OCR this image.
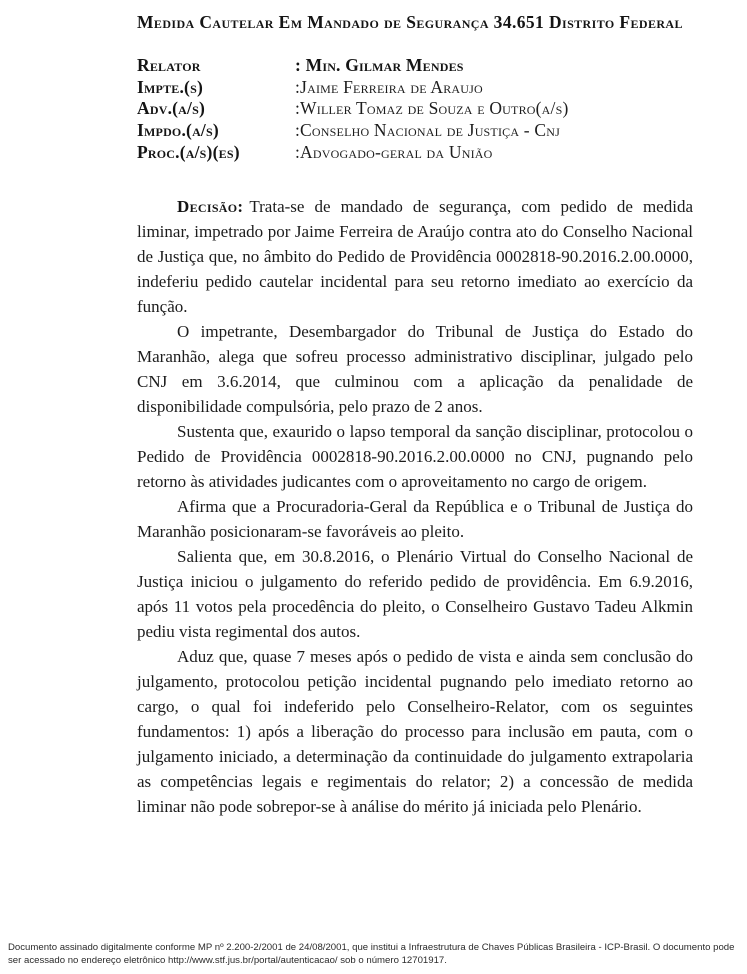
Medida Cautelar Em Mandado de Segurança 34.651 Distrito Federal
Relator	: Min. Gilmar Mendes
Impte.(s)	:Jaime Ferreira de Araujo
Adv.(a/s)	:Willer Tomaz de Souza e Outro(a/s)
Impdo.(a/s)	:Conselho Nacional de Justiça - Cnj
Proc.(a/s)(es)	:Advogado-geral da União

Decisão: Trata-se de mandado de segurança, com pedido de medida liminar, impetrado por Jaime Ferreira de Araújo contra ato do Conselho Nacional de Justiça que, no âmbito do Pedido de Providência 0002818-90.2016.2.00.0000, indeferiu pedido cautelar incidental para seu retorno imediato ao exercício da função.

O impetrante, Desembargador do Tribunal de Justiça do Estado do Maranhão, alega que sofreu processo administrativo disciplinar, julgado pelo CNJ em 3.6.2014, que culminou com a aplicação da penalidade de disponibilidade compulsória, pelo prazo de 2 anos.

Sustenta que, exaurido o lapso temporal da sanção disciplinar, protocolou o Pedido de Providência 0002818-90.2016.2.00.0000 no CNJ, pugnando pelo retorno às atividades judicantes com o aproveitamento no cargo de origem.

Afirma que a Procuradoria-Geral da República e o Tribunal de Justiça do Maranhão posicionaram-se favoráveis ao pleito.

Salienta que, em 30.8.2016, o Plenário Virtual do Conselho Nacional de Justiça iniciou o julgamento do referido pedido de providência. Em 6.9.2016, após 11 votos pela procedência do pleito, o Conselheiro Gustavo Tadeu Alkmin pediu vista regimental dos autos.

Aduz que, quase 7 meses após o pedido de vista e ainda sem conclusão do julgamento, protocolou petição incidental pugnando pelo imediato retorno ao cargo, o qual foi indeferido pelo Conselheiro-Relator, com os seguintes fundamentos: 1) após a liberação do processo para inclusão em pauta, com o julgamento iniciado, a determinação da continuidade do julgamento extrapolaria as competências legais e regimentais do relator; 2) a concessão de medida liminar não pode sobrepor-se à análise do mérito já iniciada pelo Plenário.

Documento assinado digitalmente conforme MP nº 2.200-2/2001 de 24/08/2001, que institui a Infraestrutura de Chaves Públicas Brasileira - ICP-Brasil. O documento pode ser acessado no endereço eletrônico http://www.stf.jus.br/portal/autenticacao/ sob o número 12701917.
